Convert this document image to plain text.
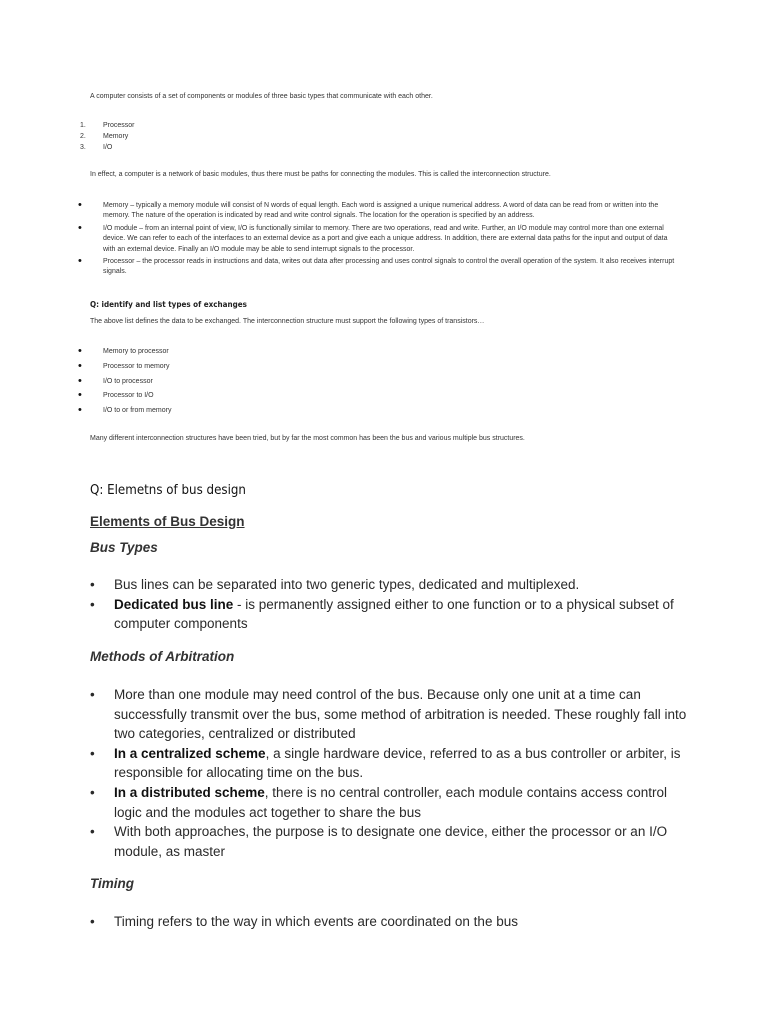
A computer consists of a set of components or modules of three basic types that communicate with each other.
1.	Processor
2.	Memory
3.	I/O
In effect, a computer is a network of basic modules, thus there must be paths for connecting the modules. This is called the interconnection structure.
•	Memory – typically a memory module will consist of N words of equal length. Each word is assigned a unique numerical address. A word of data can be read from or written into the memory. The nature of the operation is indicated by read and write control signals. The location for the operation is specified by an address.
•	I/O module – from an internal point of view, I/O is functionally similar to memory. There are two operations, read and write. Further, an I/O module may control more than one external device. We can refer to each of the interfaces to an external device as a port and give each a unique address. In addition, there are external data paths for the input and output of data with an external device. Finally an I/O module may be able to send interrupt signals to the processor.
•	Processor – the processor reads in instructions and data, writes out data after processing and uses control signals to control the overall operation of the system. It also receives interrupt signals.
Q: identify and list types of exchanges
The above list defines the data to be exchanged. The interconnection structure must support the following types of transistors…
•	Memory to processor
•	Processor to memory
•	I/O to processor
•	Processor to I/O
•	I/O to or from memory
Many different interconnection structures have been tried, but by far the most common has been the bus and various multiple bus structures.
Q: Elemetns of bus design
Elements of Bus Design
Bus Types
• Bus lines can be separated into two generic types, dedicated and multiplexed.
• Dedicated bus line - is permanently assigned either to one function or to a physical subset of computer components
Methods of Arbitration
• More than one module may need control of the bus. Because only one unit at a time can successfully transmit over the bus, some method of arbitration is needed. These roughly fall into two categories, centralized or distributed
• In a centralized scheme, a single hardware device, referred to as a bus controller or arbiter, is responsible for allocating time on the bus.
• In a distributed scheme, there is no central controller, each module contains access control logic and the modules act together to share the bus
• With both approaches, the purpose is to designate one device, either the processor or an I/O module, as master
Timing
• Timing refers to the way in which events are coordinated on the bus
